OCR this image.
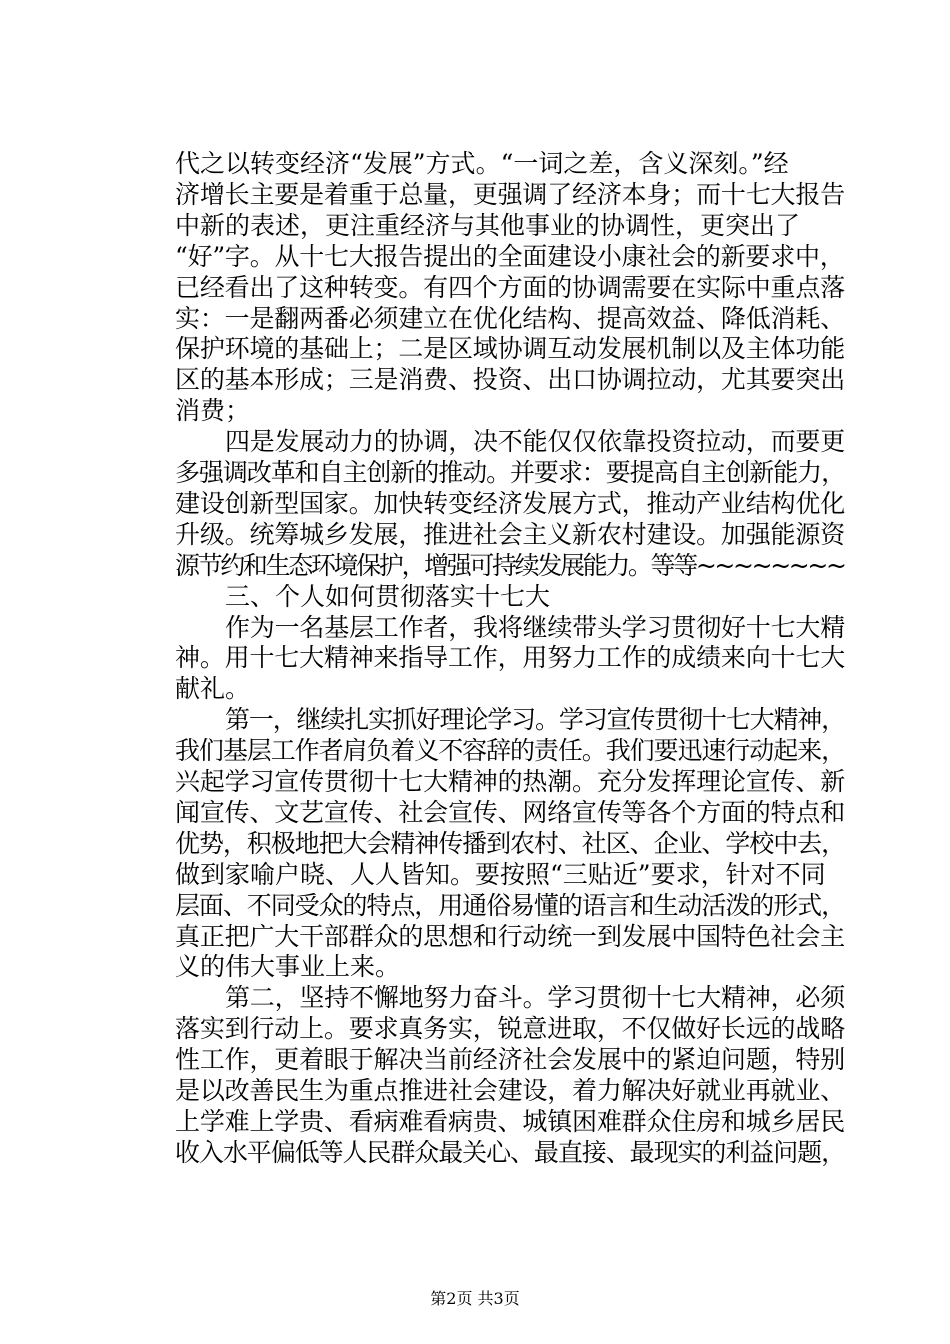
代之以转变经济“发展”方式。“一词之差，含义深刻。”经
济增长主要是着重于总量，更强调了经济本身；而十七大报告
中新的表述，更注重经济与其他事业的协调性，更突出了
“好”字。从十七大报告提出的全面建设小康社会的新要求中，
已经看出了这种转变。有四个方面的协调需要在实际中重点落
实：一是翻两番必须建立在优化结构、提高效益、降低消耗、
保护环境的基础上；二是区域协调互动发展机制以及主体功能
区的基本形成；三是消费、投资、出口协调拉动，尤其要突出
消费；
四是发展动力的协调，决不能仅仅依靠投资拉动，而要更
多强调改革和自主创新的推动。并要求：要提高自主创新能力，
建设创新型国家。加快转变经济发展方式，推动产业结构优化
升级。统筹城乡发展，推进社会主义新农村建设。加强能源资
源节约和生态环境保护，增强可持续发展能力。等等~~~~~~~~
三、个人如何贯彻落实十七大
作为一名基层工作者，我将继续带头学习贯彻好十七大精
神。用十七大精神来指导工作，用努力工作的成绩来向十七大
献礼。
第一，继续扎实抓好理论学习。学习宣传贯彻十七大精神，
我们基层工作者肩负着义不容辞的责任。我们要迅速行动起来，
兴起学习宣传贯彻十七大精神的热潮。充分发挥理论宣传、新
闻宣传、文艺宣传、社会宣传、网络宣传等各个方面的特点和
优势，积极地把大会精神传播到农村、社区、企业、学校中去，
做到家喻户晓、人人皆知。要按照“三贴近”要求，针对不同
层面、不同受众的特点，用通俗易懂的语言和生动活泼的形式，
真正把广大干部群众的思想和行动统一到发展中国特色社会主
义的伟大事业上来。
第二，坚持不懈地努力奋斗。学习贯彻十七大精神，必须
落实到行动上。要求真务实，锐意进取，不仅做好长远的战略
性工作，更着眼于解决当前经济社会发展中的紧迫问题，特别
是以改善民生为重点推进社会建设，着力解决好就业再就业、
上学难上学贵、看病难看病贵、城镇困难群众住房和城乡居民
收入水平偏低等人民群众最关心、最直接、最现实的利益问题，
第2页 共3页
